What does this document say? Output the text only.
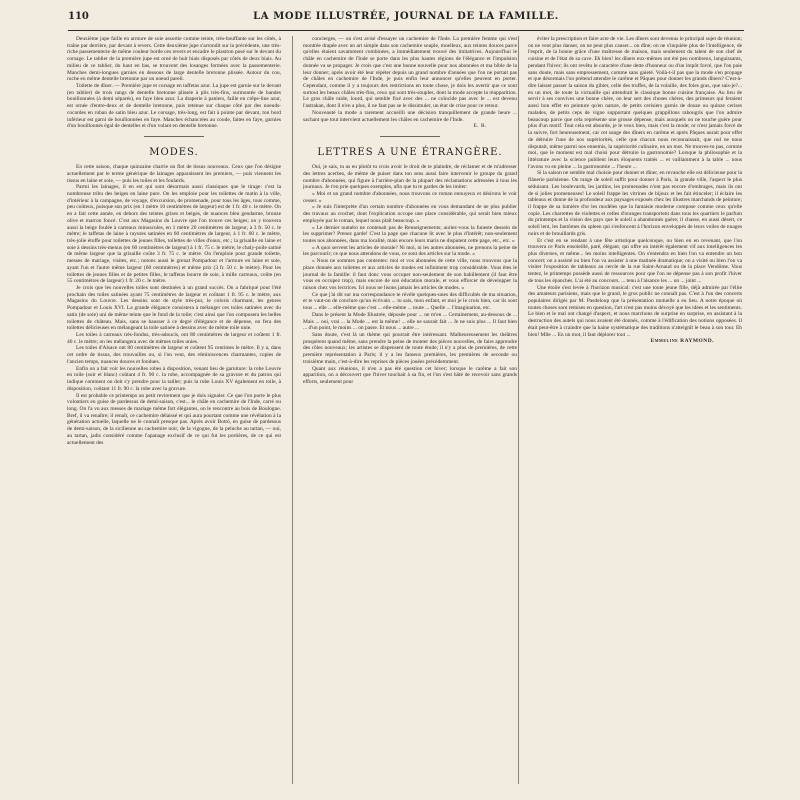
110	LA MODE ILLUSTRÉE, JOURNAL DE LA FAMILLE.

Deuxième jupe faille en armure de soie assortie comme teinte, très-bouffante sur les côtés, à traîne par derrière, par devant à revers. Cette deuxième jupe s'arrondit sur la précédente, une très-riche passementerie de même couleur borde ces revers et encadre le plastron posé sur le devant du corsage. Le tablier de la première jupe est orné de huit biais disposés par côtés de deux biais. Au milieu de ce tablier, du haut en bas, se trouvent des losanges formées avec la passementerie. Manches demi-longues garnies en dessous de large dentelle bretonne plissée. Autour du cou, ruche en même dentelle bretonne par un noeud pareil.

Toilette de dîner. — Première jupe et corsage en taffetas azur. La jupe est garnie sur le devant (en tablier) de trois rangs de dentelle bretonne plissée à plis très-fins, surmontée de bandes bouillonnées (à demi séparés), en faye bleu azur. La draperie à paniers, faille en crêpe-line azur, est ornée d'entre-deux et de dentelle bretonne, puis retenue sur chaque côté par des noeuds-cocardes en ruban de satin bleu azur. Le corsage, très-long, est fait à pointe par devant, ton bord inférieur est garni de bouillonnées en faye. Manches échancrées au coude, faites en faye, garnies d'un bouillonnés égal de dentelles et d'un volant en dentelle bretonne.

MODES.

En cette saison, chaque quinzaine charrie un flot de tissus nouveaux. Ceux que l'on désigne actuellement par le terme générique de lainages apparaissent les premiers, — puis viennent les tissus en laine et soie, — puis les toiles et les foulards.

Parmi les lainages, il en est qui sont désormais aussi classiques que le tirage: c'est la nombreuse tribu des beiges en laine pure. On les emploie pour les toilettes de matin à la ville, d'intérieur à la campagne, de voyage, d'excursion, de promenade, pour tous les âges, tous comme, peu coûteux, puisque son prix (en 1 mètre 10 centimètres de largeur) est de 1 fr. 40 c. le mètre. On en a fait cette année, en dehors des teintes grises et beiges, de nuances bleu gendarme, bronze olive et marron foncé. C'est aux Magasins du Louvre que l'on trouve ces beiges; on y trouvera aussi la beige foulée à carreaux minuscules, en 1 mètre 20 centimètres de largeur, à 3 fr. 50 c. le mètre; le taffetas de laine à rayures satinées en 60 centimètres de largeur, à 1 fr. 60 c. le mètre, très-jolie étoffe pour toilettes de jeunes filles, toilettes de villes d'eaux, etc.; la grisaille en laine et soie à dessins très-menus (en 60 centimètres de largeur) à 1 fr. 75 c. le mètre; le chaly-poile satiné de même largeur que la grisaille coûte 3 fr. 75 c. le mètre. On l'emploie pour grande toilette, messes de mariage, visites, etc.; notons aussi le grenat Pompadour et l'armure en laine et soie, ayant l'un et l'autre même largeur (60 centimètres) et même prix (3 fr. 50 c. le mètre). Pour les toilettes de jeunes filles et de petites filles, le taffetas bourre de soie, à mille carreaux, coûte (en 55 centimètres de largeur) 1 fr. 20 c. le mètre.

Je crois que les nouvelles toiles sont destinées à un grand succès. On a fabriqué pour l'été prochain des toiles satinées ayant 75 centimètres de largeur et coûtant 1 fr. 95 c. le mètre, aux Magasins du Louvre. Les dessins sont de style très-pur, le coloris charmant, les genres Pompadour et Louis XVI. La grande élégance consistera à mélanger ces toiles satinées avec du satin (de soie) uni de même teinte que le fond de la toile; c'est ainsi que l'on composera les belles toilettes de château. Mais, sans se hausser à ce degré d'élégance et de dépense, on fera des toilettes délicieuses en mélangeant la toile satinée à dessins avec de même toile unie.

Les toiles à carreaux très-fondus, très-adoucis, ont 80 centimètres de largeur et coûtent 1 fr. 40 c. le mètre; on les mélangera avec de mêmes toiles unies.

Les toiles d'Alsace ont 80 centimètres de largeur et coûtent 95 centimes le mètre. Il y a, dans cet ordre de tissus, des trouvailles ou, si l'on veut, des réminiscences charmantes, copies de l'ancien temps, nuances douces et fondues.

Enfin on a fait voir les nouvelles robes à disposition, venant lieu de garniture: la robe Louvre en toile (soir et blanc) coûtant 4 fr. 90 c. la robe, accompagnée de sa gravure et du patron qui indique comment on doit s'y prendre pour la tailler; puis la robe Louis XV également en toile, à disposition, coûtant 11 fr. 90 c. la robe avec la gravure.

Il est probable ce printemps un petit revirement que je dois signaler. Ce que l'on porte le plus volontiers en guise de pardessus de demi-saison, c'est... le châle en cachemire de l'Inde, carré ou long. On l'a vu aux messes de mariage même fort élégantes, on le rencontre au bois de Boulogne. Bref, il va renaître; il renaît, ce cachemire délaissé et qui aura pourtant comme une révélation à la génération actuelle, laquelle ne le connaît presque pas. Après avoir Bottó, en guise de pardessus de demi-saison, de la sicilienne au cachemire noir, de la vigogne, de la peluche au tartan, — oui, au tartan, jadis considéré comme l'apanage exclusif de ce qui fut les portières, de ce qui est actuellement des

concierges, — on s'est avisé d'essayer un cachemire de l'Inde. La première femme qui s'est montrée drapée avec un art simple dans son cachemire souple, moelleux, aux teintes douces parce qu'elles étaient savamment combinées, a immédiatement trouvé des imitatrices. Aujourd'hui le châle en cachemire de l'Inde se porte dans les plus hautes régions de l'élégance et l'impulsion donnée va se propager. Je crois que c'est une bonne nouvelle pour nos abonnées et ma bible de la leur donner; après avoir été leur répéter depuis un grand nombre d'années que l'on ne portait pas de châles en cachemire de l'Inde, je puis enfin leur annoncer qu'elles peuvent en porter. Cependant, comme il y a toujours des restrictions en toute chose, je dois les avertir que ce sont surtout les beaux châles très-fins, ceux qui sont très-souples, dont la mode accepte la réapparition. Le gros châle raide, lourd, qui semble fixé avec des ... ne coïncide pas avec le ... est devenu l'astrakan, dont il n'en a plus, il ne faut pas se le dissimuler, un état de crise pour ce retour.

Nouveauté la mode a rarement accueilli une décision tranquillement de grande heure ... sachant que tout intervient actuellement les châles en cachemire de l'Inde.

E. R.
LETTRES A UNE ÉTRANGÈRE.

Oui, je sais, tu as eu plutôt tu crois avoir le droit de te plaindre, de réclamer et de m'adresser des lettres acerbes, de même de puiser dans ton sens aussi faire intervenir le groupe du grand nombre d'abonnées, qui figure à l'arrière-plan de la plupart des réclamations adressées à tous les journaux. Je t'en prie quelques exemples, afin que tu te gardes de les imiter:

« Moi et un grand nombre d'abonnées, nous trouvons ce roman ennuyeux et désirons le voir cesser. »

« Je suis l'interprète d'un certain nombre d'abonnées en vous demandant de ne plus publier des travaux au crochet, dont l'explication occupe une place considérable, qui serait bien mieux employée par le roman, lequel nous plaît beaucoup. »

« Le dernier numéro ne contenait pas de Renseignements; auriez-vous la funeste dessein de les supprimer? Prenez garde! C'est la page que chacune lit avec le plus d'intérêt; non-seulement toutes nos abonnées, dans ma localité, mais encore leurs maris ne disputent cette page, etc., etc. »

« A quoi servent les articles de morale? Ni moi, ni les autres abonnées, ne prenons la peine de les parcourir; ce que nous attendons de vous, ce sont des articles sur la mode. »

« Nous ne sommes pas contentes: moi et vos abonnées de cette ville, nous trouvons que la place donnée aux toilettes et aux articles de modes est infiniment trop considérable. Vous êtes le journal de la famille: il faut donc vous occuper non-seulement de son habillement (il faut être vous en occupez trop), mais encore de son éducation morale, et vous efforcer de développer la raison chez vos lectrices. Ici nous ne lisons jamais les articles de modes. »

Ce que j'ai dit sur ma correspondance te révèle quelques-unes des difficultés de ma situation, et te vaut-on de conclure qu'un écrivain ... tu sais, mon enfant, et moi je le crois bien, car ils sont tous ... elle ... elle-même que c'est ... elle-même ... toute ... Quelle ... l'imagination, etc.

Dans le présent la Mode Illustrée, déposée pour ... ne m'en ... Certainement, au-dessous de ... Mais ... oui, vrai ... la Mode ... est la même! ... elle ne saurait fait ... Je ne suis plus ... Il faut bien ... d'un point, le moins ... on passe. Et nous ... autre ...

Sans doute, c'est là un thème qui pourrait être intéressant. Malheureusement les théâtres prospèrent quand même, sans prendre la peine de monter des pièces nouvelles, de faire apprendre des rôles nouveaux; les artistes se dispensent de toute étude; il n'y a plus de premières, de cette première représentation à Paris; il y a les fameux premières, les premières de seconde ou troisième main, c'est-à-dire les reprises de pièces jouées précédemment.

Quant aux réunions, il n'en a pas été question cet hiver; lorsque le carême a fait son apparition, on a découvert que l'hiver touchait à sa fin, et l'on s'est hâté de recevoir sans grands efforts, seulement pour

éviter la prescription et faire acte de vie. Les dîners sont devenus le principal sujet de réunion; on ne veut plus danser, on ne peut plus causer... on dîne; on ne s'inquiète plus de l'intelligence, de l'esprit, de la bonne grâce d'une maîtresse de maison, mais seulement du talent de son chef de cuisine et de l'état de sa cave. Eh bien! les dîners eux-mêmes ont été peu nombreux, languissants, pendant l'hiver; ils ont revêtu le caractère d'une dette d'honneur ou d'un impôt forcé, que l'on paie sans doute, mais sans empressement, comme sans gaieté. Voilà-t-il pas que la mode s'en propage et que désormais l'on prétend attendre le carême et Pâques pour donner les grands dîners? C'est-à-dire laisser passer la saison du gibier, celle des truffes, de la volaille, des foies gras, que sais-je?... en un mot, de toute la victuaille qui attendrait le classique bonne cuisine française. Au lieu de servir à ses convives une bonne chère, on leur sert des choses chères, des primeurs qui feraient aussi bon effet en peinture qu'en nature, de petits cerisiers garnis de douze ou quinze cerises malades, de petits ceps de vigne supportant quelques grappillons rabougris que l'on admire beaucoup parce que cela représente une grosse dépense, mais auxquels on ne touche guère pour plus d'un motif. Tout cela est absurde, je le veux bien, mais c'est la mode; or n'est jamais forcé de la suivre, fort heureusement, car cet usage des dîners en carême et après Pâques aurait pour effet de détruire l'une de nos supériorités, celle que chacun nous reconnaissait, que nul ne nous disputait, même parmi nos ennemis, la supériorité culinaire, en un mot. Ne trouves-tu pas, comme moi, que le moment est mal choisi pour détruire la gastronomie? Lorsque la philosophie et la littérature avec la science publient leurs éloquents traités ... et vaillamment à la table ... nous l'avons vu en pleine ... la gastronomie ... l'heure ...

Si la saison ne semble mal choisie pour donner et dîner, en revanche elle est délicieuse pour la flânerie parisienne. On range de soleil suffit pour donner à Paris, la grande ville, l'aspect le plus séduisant. Les boulevards, les jardins, les promenades n'ont pas encore d'ombrages, mais ils ont de si jolies promeneuses! Le soleil frappe les vitrines de bijoux et les fait étinceler; il éclaire les tableaux et donne de la profondeur aux paysages exposés chez les illustres marchands de peinture; il frappe de sa lumière d'or les modèles que la fantaisie moderne compose comme ceux qu'elle copie. Les charrettes de violettes et celles d'oranges transportent dans tous les quartiers le parfum du printemps et la vision des pays que le soleil a abandonnés guère; il chasse, en aussi désert, ce soleil lent, les fantômes du spleen qui s'enfoncent à l'horizon enveloppés de leurs voiles de nuages noirs et de brouillards gris.

Et c'est en se rendant à une fête artistique quelconque, ou bien en en revenant, que l'on trouvera ce Paris ensoleillé, paré, élégant, qui offre un intérêt également vif aux intelligences les plus diverses, et même... les moins intelligentes. On s'entendra en bien l'on va entendre un bon concert; on a assisté ou bien l'on va assister à une matinée dramatique; on a visité ou bien l'on va visiter l'exposition de tableaux au cercle de la rue Saint-Arnaud ou de la place Vendôme. Vous tentez, le printemps possède aussi de ressources pour que l'on ne dépense pas à son profit l'hiver de tous les épanchés. L'ai été au concours. ... tenu à l'aisance les ... un ... joint ...

Une étoile s'est levée à l'horizon musical: c'est une toute jeune fille, déjà admirée par l'élite des amateurs parisiens, mais que le grand, le gros public ne connaît pas. C'est à l'un des concerts populaires dirigés par M. Pasdeloup que la présentation mutuelle a eu lieu. A notre époque où toutes choses sont remises en question, l'art n'est pas moins dévoyé que les idées et les sentiments. Le bien et le mal ont changé d'aspect, et nous marchons de surprise en surprise, en assistant à la destruction des autels qui nous avaient été donnés, comme à l'édification des notions opposées. Il était peut-être à craindre que la haine systématique des traditions n'atteignît le beau à son tour. Eh bien! Mlle ... En un mot, il faut déplorer tout ...

Emmeline RAYMOND.
